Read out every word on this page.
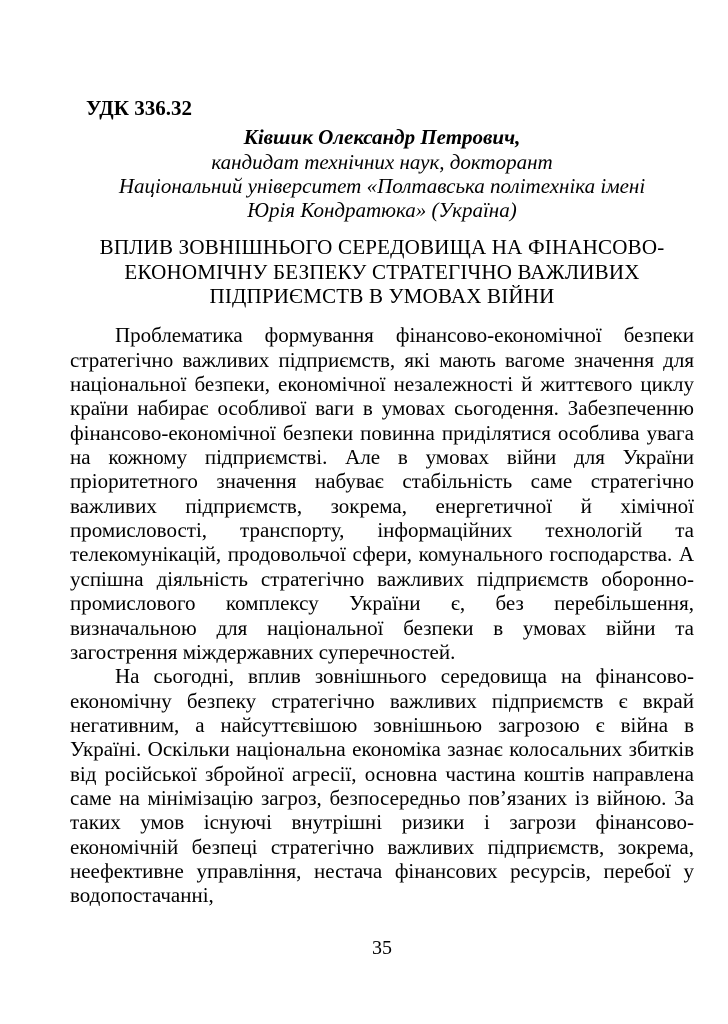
УДК 336.32
Ківшик Олександр Петрович,
кандидат технічних наук, докторант
Національний університет «Полтавська політехніка імені
Юрія Кондратюка» (Україна)
ВПЛИВ ЗОВНІШНЬОГО СЕРЕДОВИЩА НА ФІНАНСОВО-
ЕКОНОМІЧНУ БЕЗПЕКУ СТРАТЕГІЧНО ВАЖЛИВИХ
ПІДПРИЄМСТВ В УМОВАХ ВІЙНИ

Проблематика формування фінансово-економічної безпеки стратегічно важливих підприємств, які мають вагоме значення для національної безпеки, економічної незалежності й життєвого циклу країни набирає особливої ваги в умовах сьогодення. Забезпеченню фінансово-економічної безпеки повинна приділятися особлива увага на кожному підприємстві. Але в умовах війни для України пріоритетного значення набуває стабільність саме стратегічно важливих підприємств, зокрема, енергетичної й хімічної промисловості, транспорту, інформаційних технологій та телекомунікацій, продовольчої сфери, комунального господарства. А успішна діяльність стратегічно важливих підприємств оборонно-промислового комплексу України є, без перебільшення, визначальною для національної безпеки в умовах війни та загострення міждержавних суперечностей.

На сьогодні, вплив зовнішнього середовища на фінансово-економічну безпеку стратегічно важливих підприємств є вкрай негативним, а найсуттєвішою зовнішньою загрозою є війна в Україні. Оскільки національна економіка зазнає колосальних збитків від російської збройної агресії, основна частина коштів направлена саме на мінімізацію загроз, безпосередньо пов’язаних із війною. За таких умов існуючі внутрішні ризики і загрози фінансово-економічній безпеці стратегічно важливих підприємств, зокрема, неефективне управління, нестача фінансових ресурсів, перебої у водопостачанні,

35
